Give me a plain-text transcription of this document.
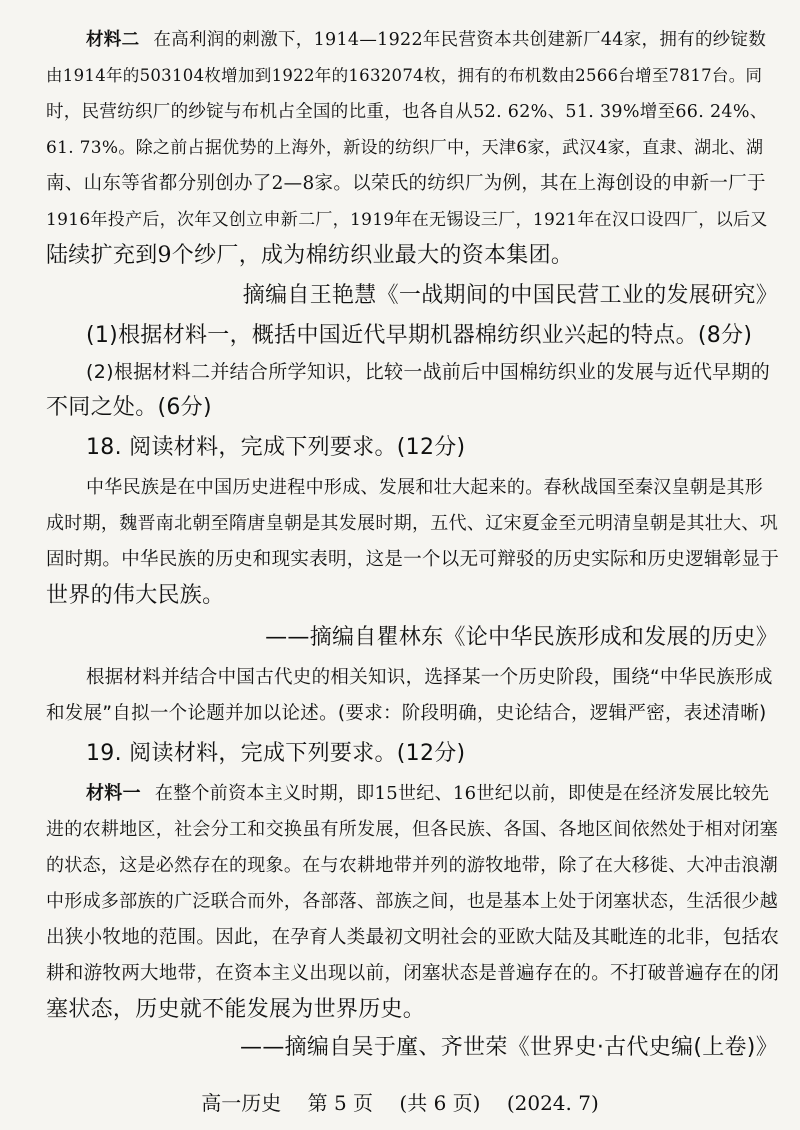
材料二 在高利润的刺激下，1914—1922年民营资本共创建新厂44家，拥有的纱锭数
由1914年的503104枚增加到1922年的1632074枚，拥有的布机数由2566台增至7817台。同
时，民营纺织厂的纱锭与布机占全国的比重，也各自从52. 62%、51. 39%增至66. 24%、
61. 73%。除之前占据优势的上海外，新设的纺织厂中，天津6家，武汉4家，直隶、湖北、湖
南、山东等省都分别创办了2—8家。以荣氏的纺织厂为例，其在上海创设的申新一厂于
1916年投产后，次年又创立申新二厂，1919年在无锡设三厂，1921年在汉口设四厂，以后又
陆续扩充到9个纱厂，成为棉纺织业最大的资本集团。
摘编自王艳慧《一战期间的中国民营工业的发展研究》
(1)根据材料一，概括中国近代早期机器棉纺织业兴起的特点。(8分)
(2)根据材料二并结合所学知识，比较一战前后中国棉纺织业的发展与近代早期的
不同之处。(6分)
18. 阅读材料，完成下列要求。(12分)
中华民族是在中国历史进程中形成、发展和壮大起来的。春秋战国至秦汉皇朝是其形
成时期，魏晋南北朝至隋唐皇朝是其发展时期，五代、辽宋夏金至元明清皇朝是其壮大、巩
固时期。中华民族的历史和现实表明，这是一个以无可辩驳的历史实际和历史逻辑彰显于
世界的伟大民族。
——摘编自瞿林东《论中华民族形成和发展的历史》
根据材料并结合中国古代史的相关知识，选择某一个历史阶段，围绕“中华民族形成
和发展”自拟一个论题并加以论述。(要求：阶段明确，史论结合，逻辑严密，表述清晰)
19. 阅读材料，完成下列要求。(12分)
材料一 在整个前资本主义时期，即15世纪、16世纪以前，即使是在经济发展比较先
进的农耕地区，社会分工和交换虽有所发展，但各民族、各国、各地区间依然处于相对闭塞
的状态，这是必然存在的现象。在与农耕地带并列的游牧地带，除了在大移徙、大冲击浪潮
中形成多部族的广泛联合而外，各部落、部族之间，也是基本上处于闭塞状态，生活很少越
出狭小牧地的范围。因此，在孕育人类最初文明社会的亚欧大陆及其毗连的北非，包括农
耕和游牧两大地带，在资本主义出现以前，闭塞状态是普遍存在的。不打破普遍存在的闭
塞状态，历史就不能发展为世界历史。
——摘编自吴于廑、齐世荣《世界史·古代史编(上卷)》
高一历史 第 5 页 (共 6 页) (2024. 7)
